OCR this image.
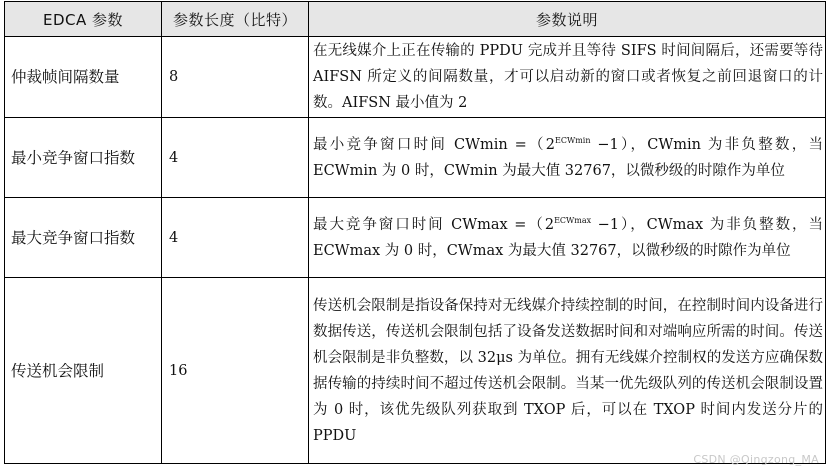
EDCA 参数	参数长度（比特）	参数说明
仲裁帧间隔数量	8	在无线媒介上正在传输的 PPDU 完成并且等待 SIFS 时间间隔后，还需要等待 AIFSN 所定义的间隔数量，才可以启动新的窗口或者恢复之前回退窗口的计数。AIFSN 最小值为 2
最小竞争窗口指数	4	最小竞争窗口时间 $CWmin =(2^{ECWmin} -1)$，CWmin 为非负整数，当 ECWmin 为 0 时，CWmin 为最大值 32767，以微秒级的时隙作为单位
最大竞争窗口指数	4	最大竞争窗口时间 $CWmax =(2^{ECWmax} -1)$，CWmax 为非负整数，当 ECWmax 为 0 时，CWmax 为最大值 32767，以微秒级的时隙作为单位
传送机会限制	16	传送机会限制是指设备保持对无线媒介持续控制的时间，在控制时间内设备进行数据传送，传送机会限制包括了设备发送数据时间和对端响应所需的时间。传送机会限制是非负整数，以 32μs 为单位。拥有无线媒介控制权的发送方应确保数据传输的持续时间不超过传送机会限制。当某一优先级队列的传送机会限制设置为 0 时，该优先级队列获取到 TXOP 后，可以在 TXOP 时间内发送分片的 PPDU
CSDN @Qingzong_MA
